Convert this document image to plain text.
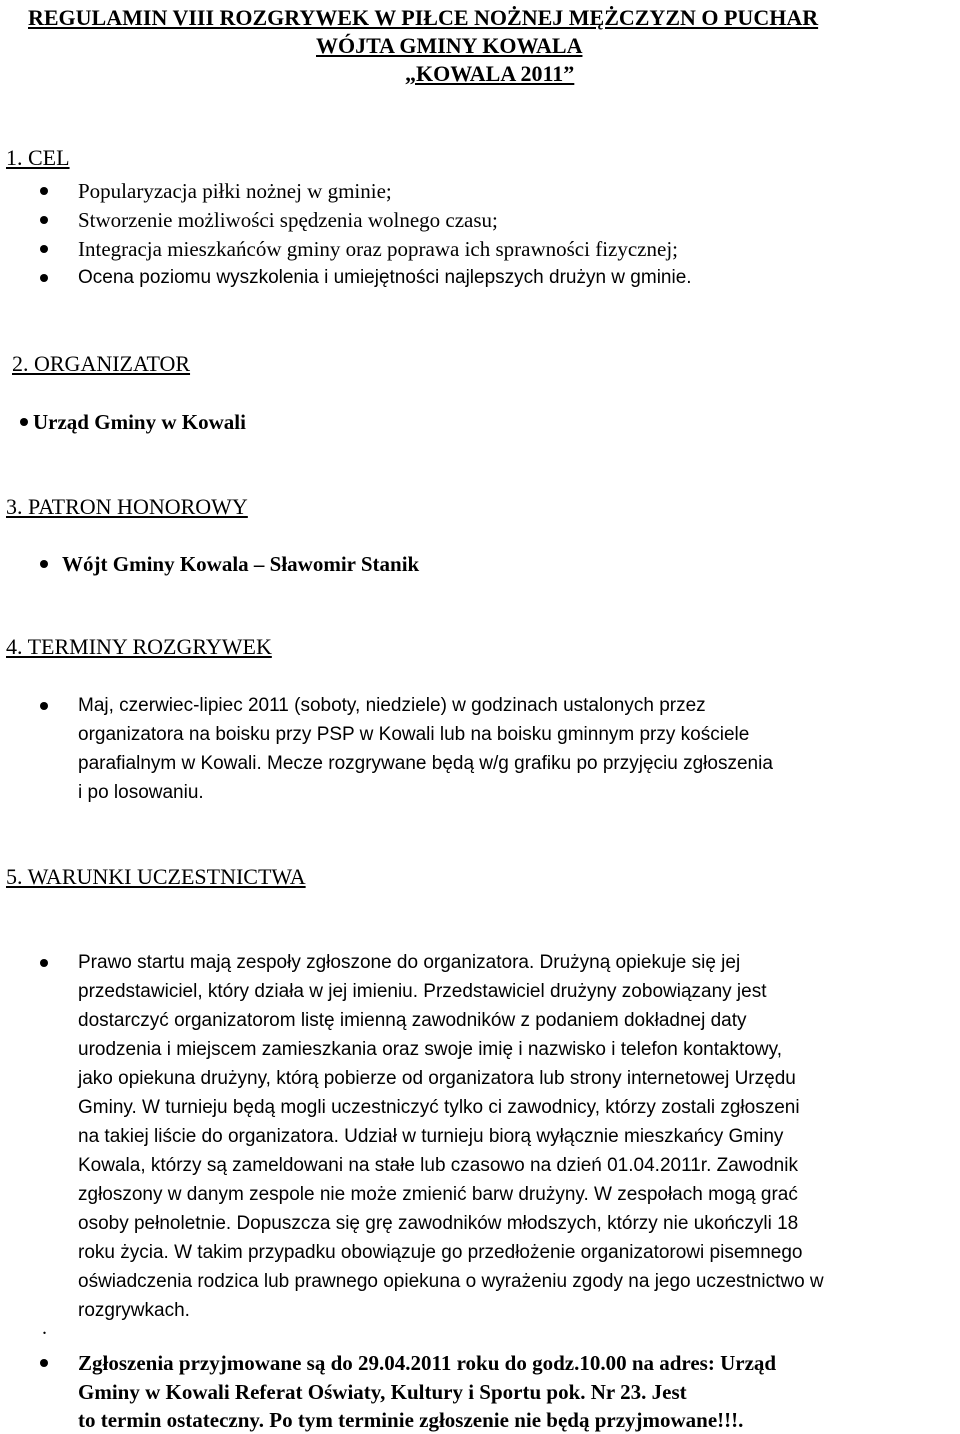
REGULAMIN VIII ROZGRYWEK W PIŁCE NOŻNEJ MĘŻCZYZN O PUCHAR
WÓJTA GMINY KOWALA
„KOWALA 2011”
1. CEL
Popularyzacja piłki nożnej w gminie;
Stworzenie możliwości spędzenia wolnego czasu;
Integracja mieszkańców gminy oraz poprawa ich sprawności fizycznej;
Ocena poziomu wyszkolenia i umiejętności najlepszych drużyn w gminie.
2. ORGANIZATOR
Urząd Gminy w Kowali
3. PATRON HONOROWY
Wójt Gminy Kowala – Sławomir Stanik
4. TERMINY ROZGRYWEK
Maj, czerwiec-lipiec 2011 (soboty, niedziele) w godzinach ustalonych przez
organizatora na boisku przy PSP w Kowali lub na boisku gminnym przy kościele
parafialnym w Kowali. Mecze rozgrywane będą w/g grafiku po przyjęciu zgłoszenia
i po losowaniu.
5. WARUNKI UCZESTNICTWA
Prawo startu mają zespoły zgłoszone do organizatora. Drużyną opiekuje się jej
przedstawiciel, który działa w jej imieniu. Przedstawiciel drużyny zobowiązany jest
dostarczyć organizatorom listę imienną zawodników z podaniem dokładnej daty
urodzenia i miejscem zamieszkania oraz swoje imię i nazwisko i telefon kontaktowy,
jako opiekuna drużyny, którą pobierze od organizatora lub strony internetowej Urzędu
Gminy. W turnieju będą mogli uczestniczyć tylko ci zawodnicy, którzy zostali zgłoszeni
na takiej liście do organizatora. Udział w turnieju biorą wyłącznie mieszkańcy Gminy
Kowala, którzy są zameldowani na stałe lub czasowo na dzień 01.04.2011r. Zawodnik
zgłoszony w danym zespole nie może zmienić barw drużyny. W zespołach mogą grać
osoby pełnoletnie. Dopuszcza się grę zawodników młodszych, którzy nie ukończyli 18
roku życia. W takim przypadku obowiązuje go przedłożenie organizatorowi pisemnego
oświadczenia rodzica lub prawnego opiekuna o wyrażeniu zgody na jego uczestnictwo w
rozgrywkach.
.
Zgłoszenia przyjmowane są do 29.04.2011 roku do godz.10.00 na adres: Urząd
Gminy w Kowali Referat Oświaty, Kultury i Sportu pok. Nr 23. Jest
to termin ostateczny. Po tym terminie zgłoszenie nie będą przyjmowane!!!.
